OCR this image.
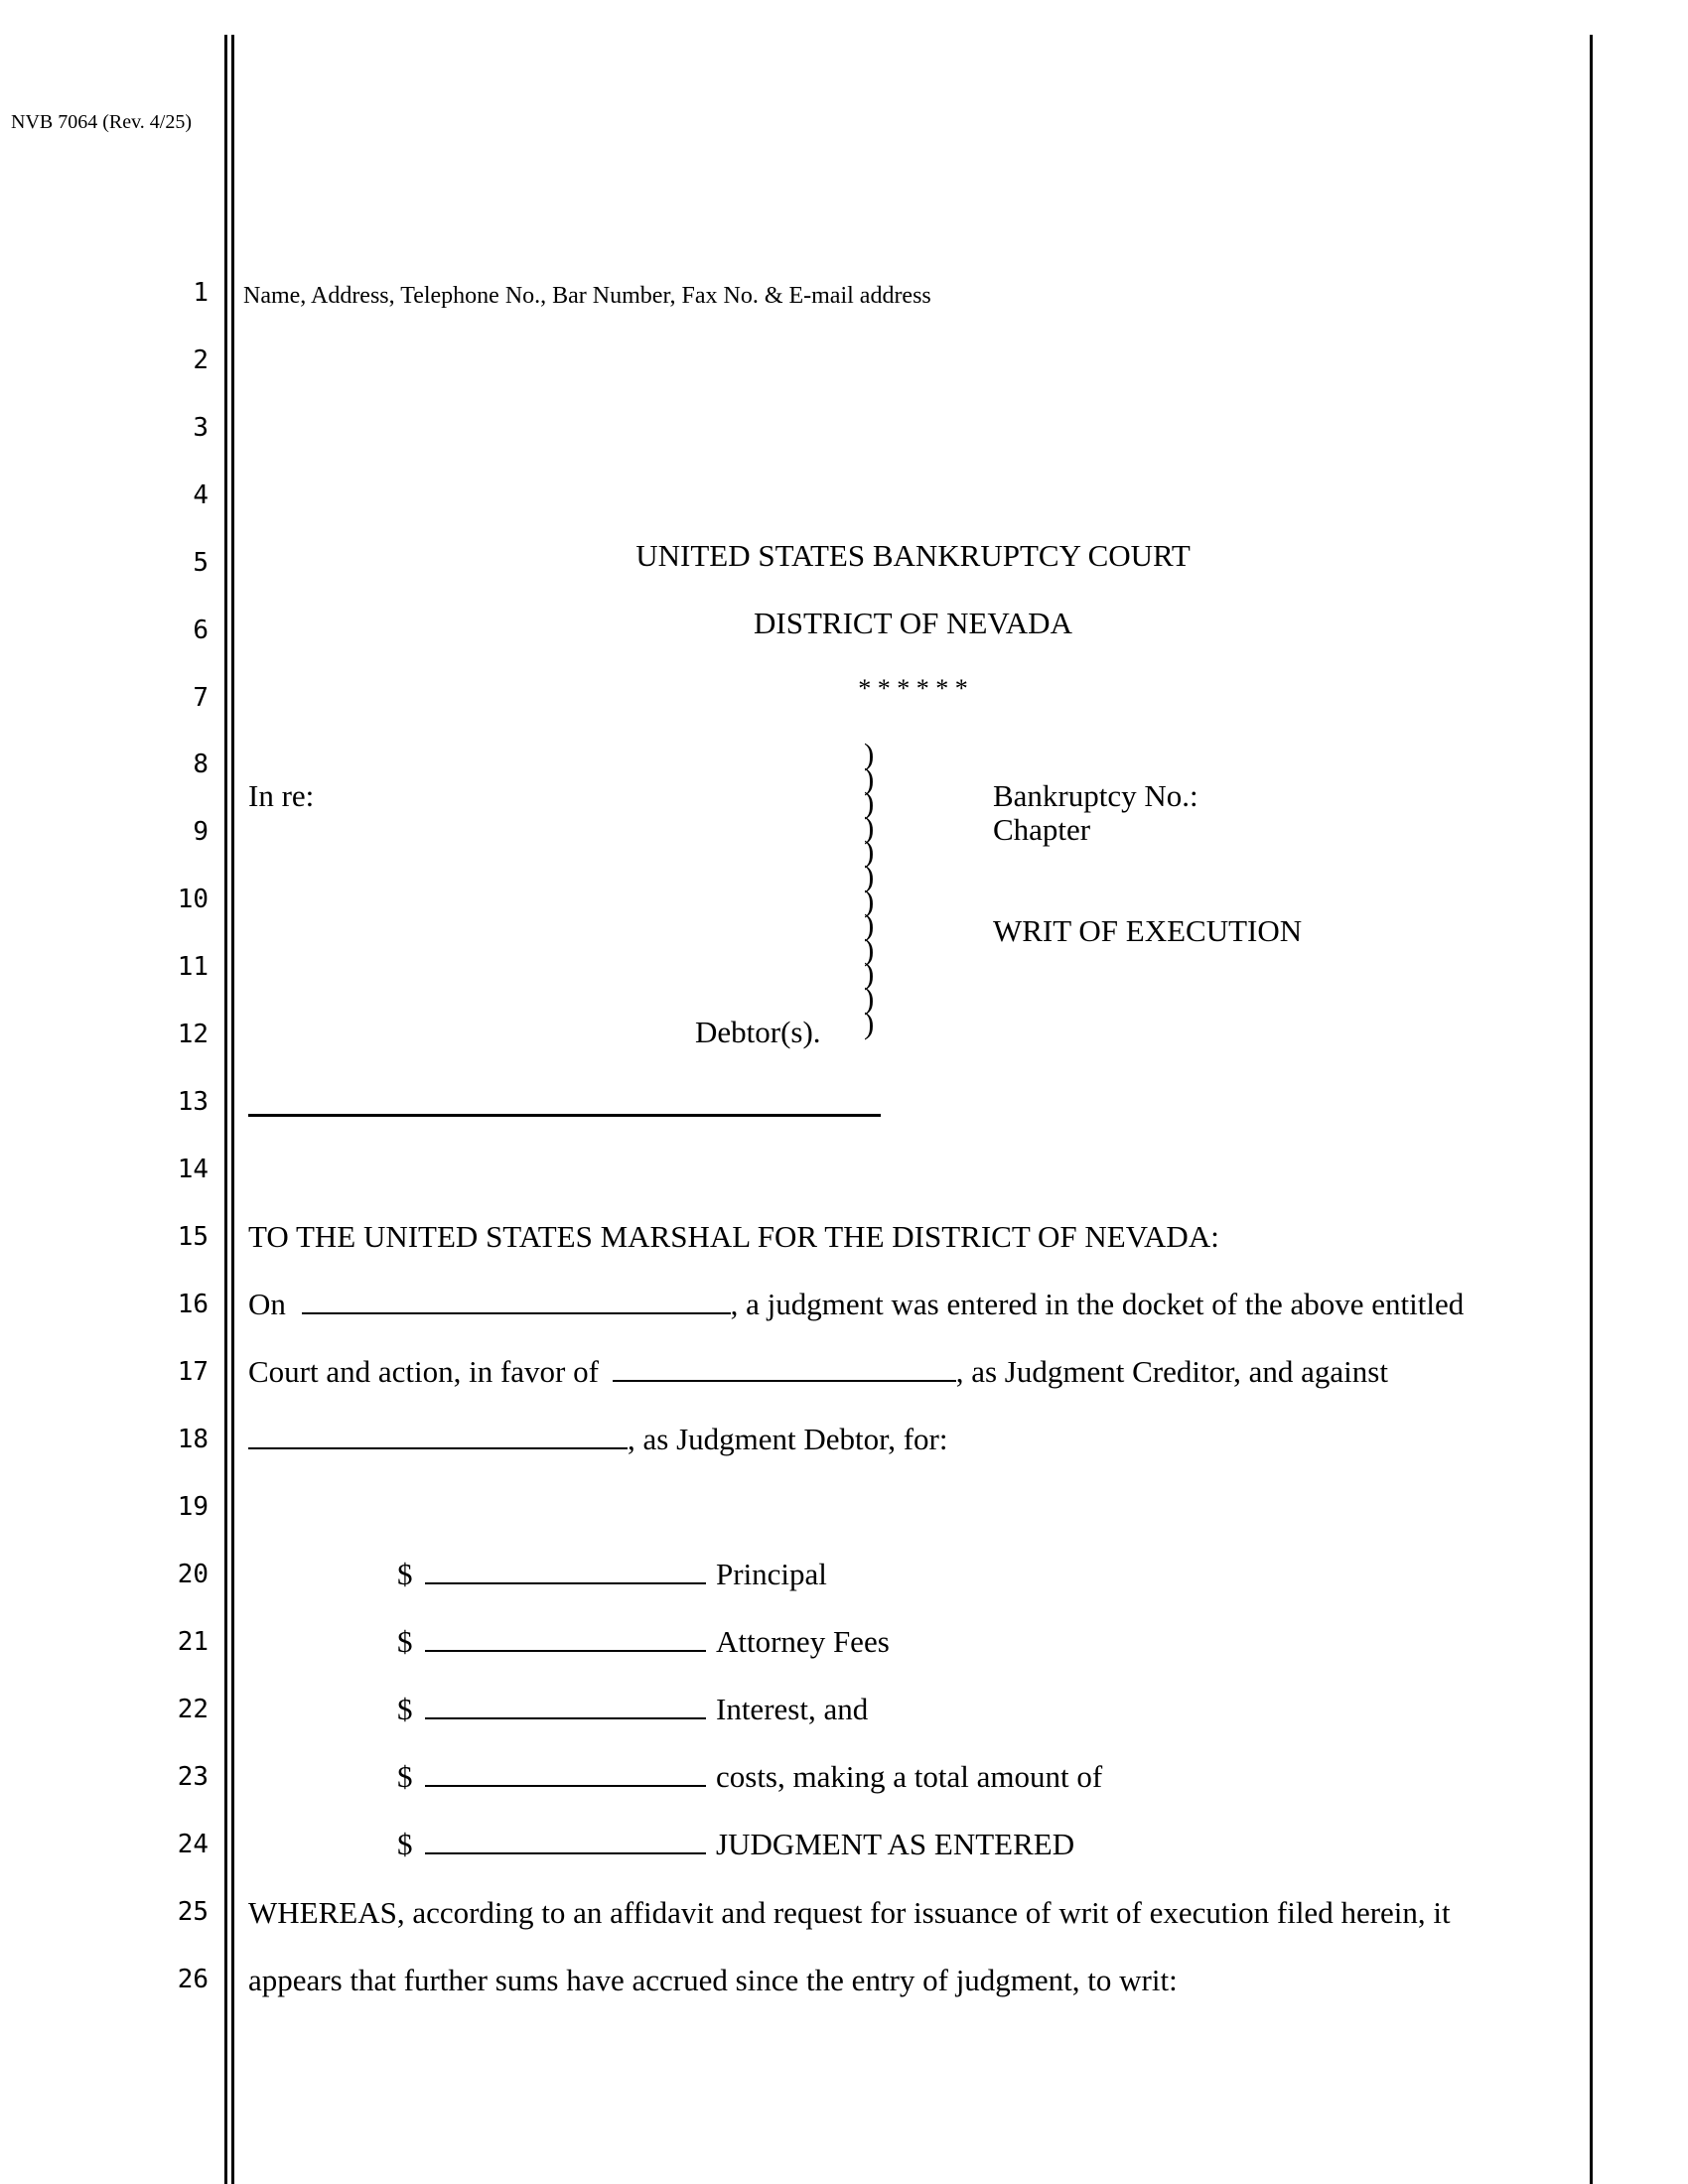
NVB 7064 (Rev. 4/25)
1
2
3
4
5
6
7
8
9
10
11
12
13
14
15
16
17
18
19
20
21
22
23
24
25
26
Name, Address, Telephone No., Bar Number, Fax No. & E-mail address
UNITED STATES BANKRUPTCY COURT
DISTRICT OF NEVADA
* * * * * *
In re:
Debtor(s).
)
)
)
)
)
)
)
)
)
)
)
)
Bankruptcy No.:
Chapter
WRIT OF EXECUTION
TO THE UNITED STATES MARSHAL FOR THE DISTRICT OF NEVADA:
On	, a judgment was entered in the docket of the above entitled
Court and action, in favor of	, as Judgment Creditor, and against
, as Judgment Debtor, for:
$	Principal
$	Attorney Fees
$	Interest, and
$	costs, making a total amount of
$	JUDGMENT AS ENTERED
WHEREAS, according to an affidavit and request for issuance of writ of execution filed herein, it
appears that further sums have accrued since the entry of judgment, to writ:
